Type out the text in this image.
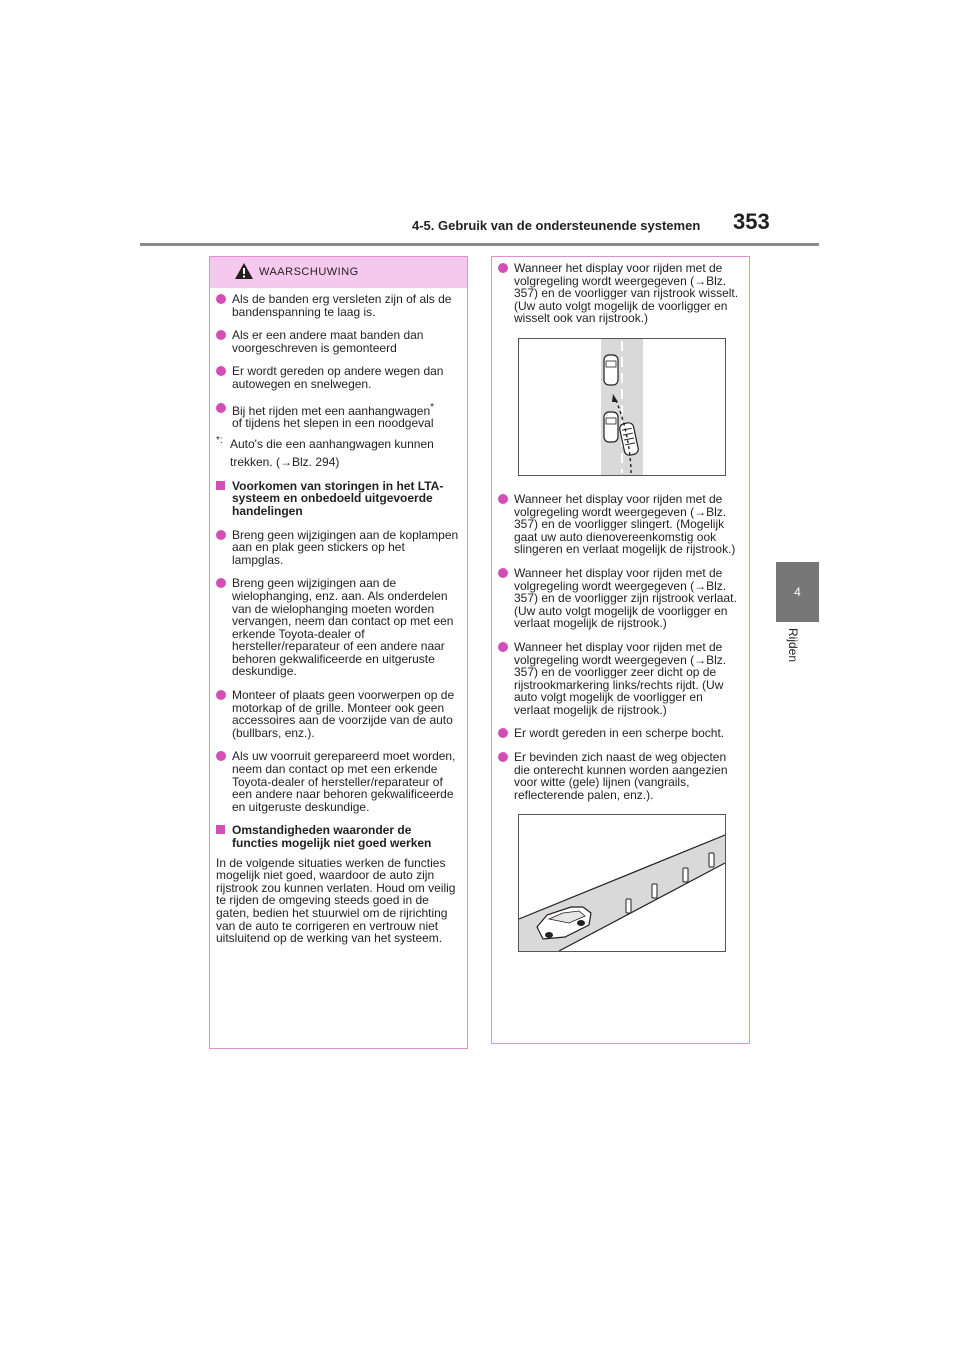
4-5. Gebruik van de ondersteunende systemen 353
4
Rijden
WAARSCHUWING
Als de banden erg versleten zijn of als de bandenspanning te laag is.
Als er een andere maat banden dan voorgeschreven is gemonteerd
Er wordt gereden op andere wegen dan autowegen en snelwegen.
Bij het rijden met een aanhangwagen*
of tijdens het slepen in een noodgeval
*: Auto's die een aanhangwagen kunnen trekken. (→Blz. 294)
Voorkomen van storingen in het LTA-systeem en onbedoeld uitgevoerde handelingen
Breng geen wijzigingen aan de koplampen aan en plak geen stickers op het lampglas.
Breng geen wijzigingen aan de wielophanging, enz. aan. Als onderdelen van de wielophanging moeten worden vervangen, neem dan contact op met een erkende Toyota-dealer of hersteller/reparateur of een andere naar behoren gekwalificeerde en uitgeruste deskundige.
Monteer of plaats geen voorwerpen op de motorkap of de grille. Monteer ook geen accessoires aan de voorzijde van de auto (bullbars, enz.).
Als uw voorruit gerepareerd moet worden, neem dan contact op met een erkende Toyota-dealer of hersteller/reparateur of een andere naar behoren gekwalificeerde en uitgeruste deskundige.
Omstandigheden waaronder de functies mogelijk niet goed werken
In de volgende situaties werken de functies mogelijk niet goed, waardoor de auto zijn rijstrook zou kunnen verlaten. Houd om veilig te rijden de omgeving steeds goed in de gaten, bedien het stuurwiel om de rijrichting van de auto te corrigeren en vertrouw niet uitsluitend op de werking van het systeem.
Wanneer het display voor rijden met de volgregeling wordt weergegeven (→Blz. 357) en de voorligger van rijstrook wisselt. (Uw auto volgt mogelijk de voorligger en wisselt ook van rijstrook.)
Wanneer het display voor rijden met de volgregeling wordt weergegeven (→Blz. 357) en de voorligger slingert. (Mogelijk gaat uw auto dienovereenkomstig ook slingeren en verlaat mogelijk de rijstrook.)
Wanneer het display voor rijden met de volgregeling wordt weergegeven (→Blz. 357) en de voorligger zijn rijstrook verlaat. (Uw auto volgt mogelijk de voorligger en verlaat mogelijk de rijstrook.)
Wanneer het display voor rijden met de volgregeling wordt weergegeven (→Blz. 357) en de voorligger zeer dicht op de rijstrookmarkering links/rechts rijdt. (Uw auto volgt mogelijk de voorligger en verlaat mogelijk de rijstrook.)
Er wordt gereden in een scherpe bocht.
Er bevinden zich naast de weg objecten die onterecht kunnen worden aangezien voor witte (gele) lijnen (vangrails, reflecterende palen, enz.).
